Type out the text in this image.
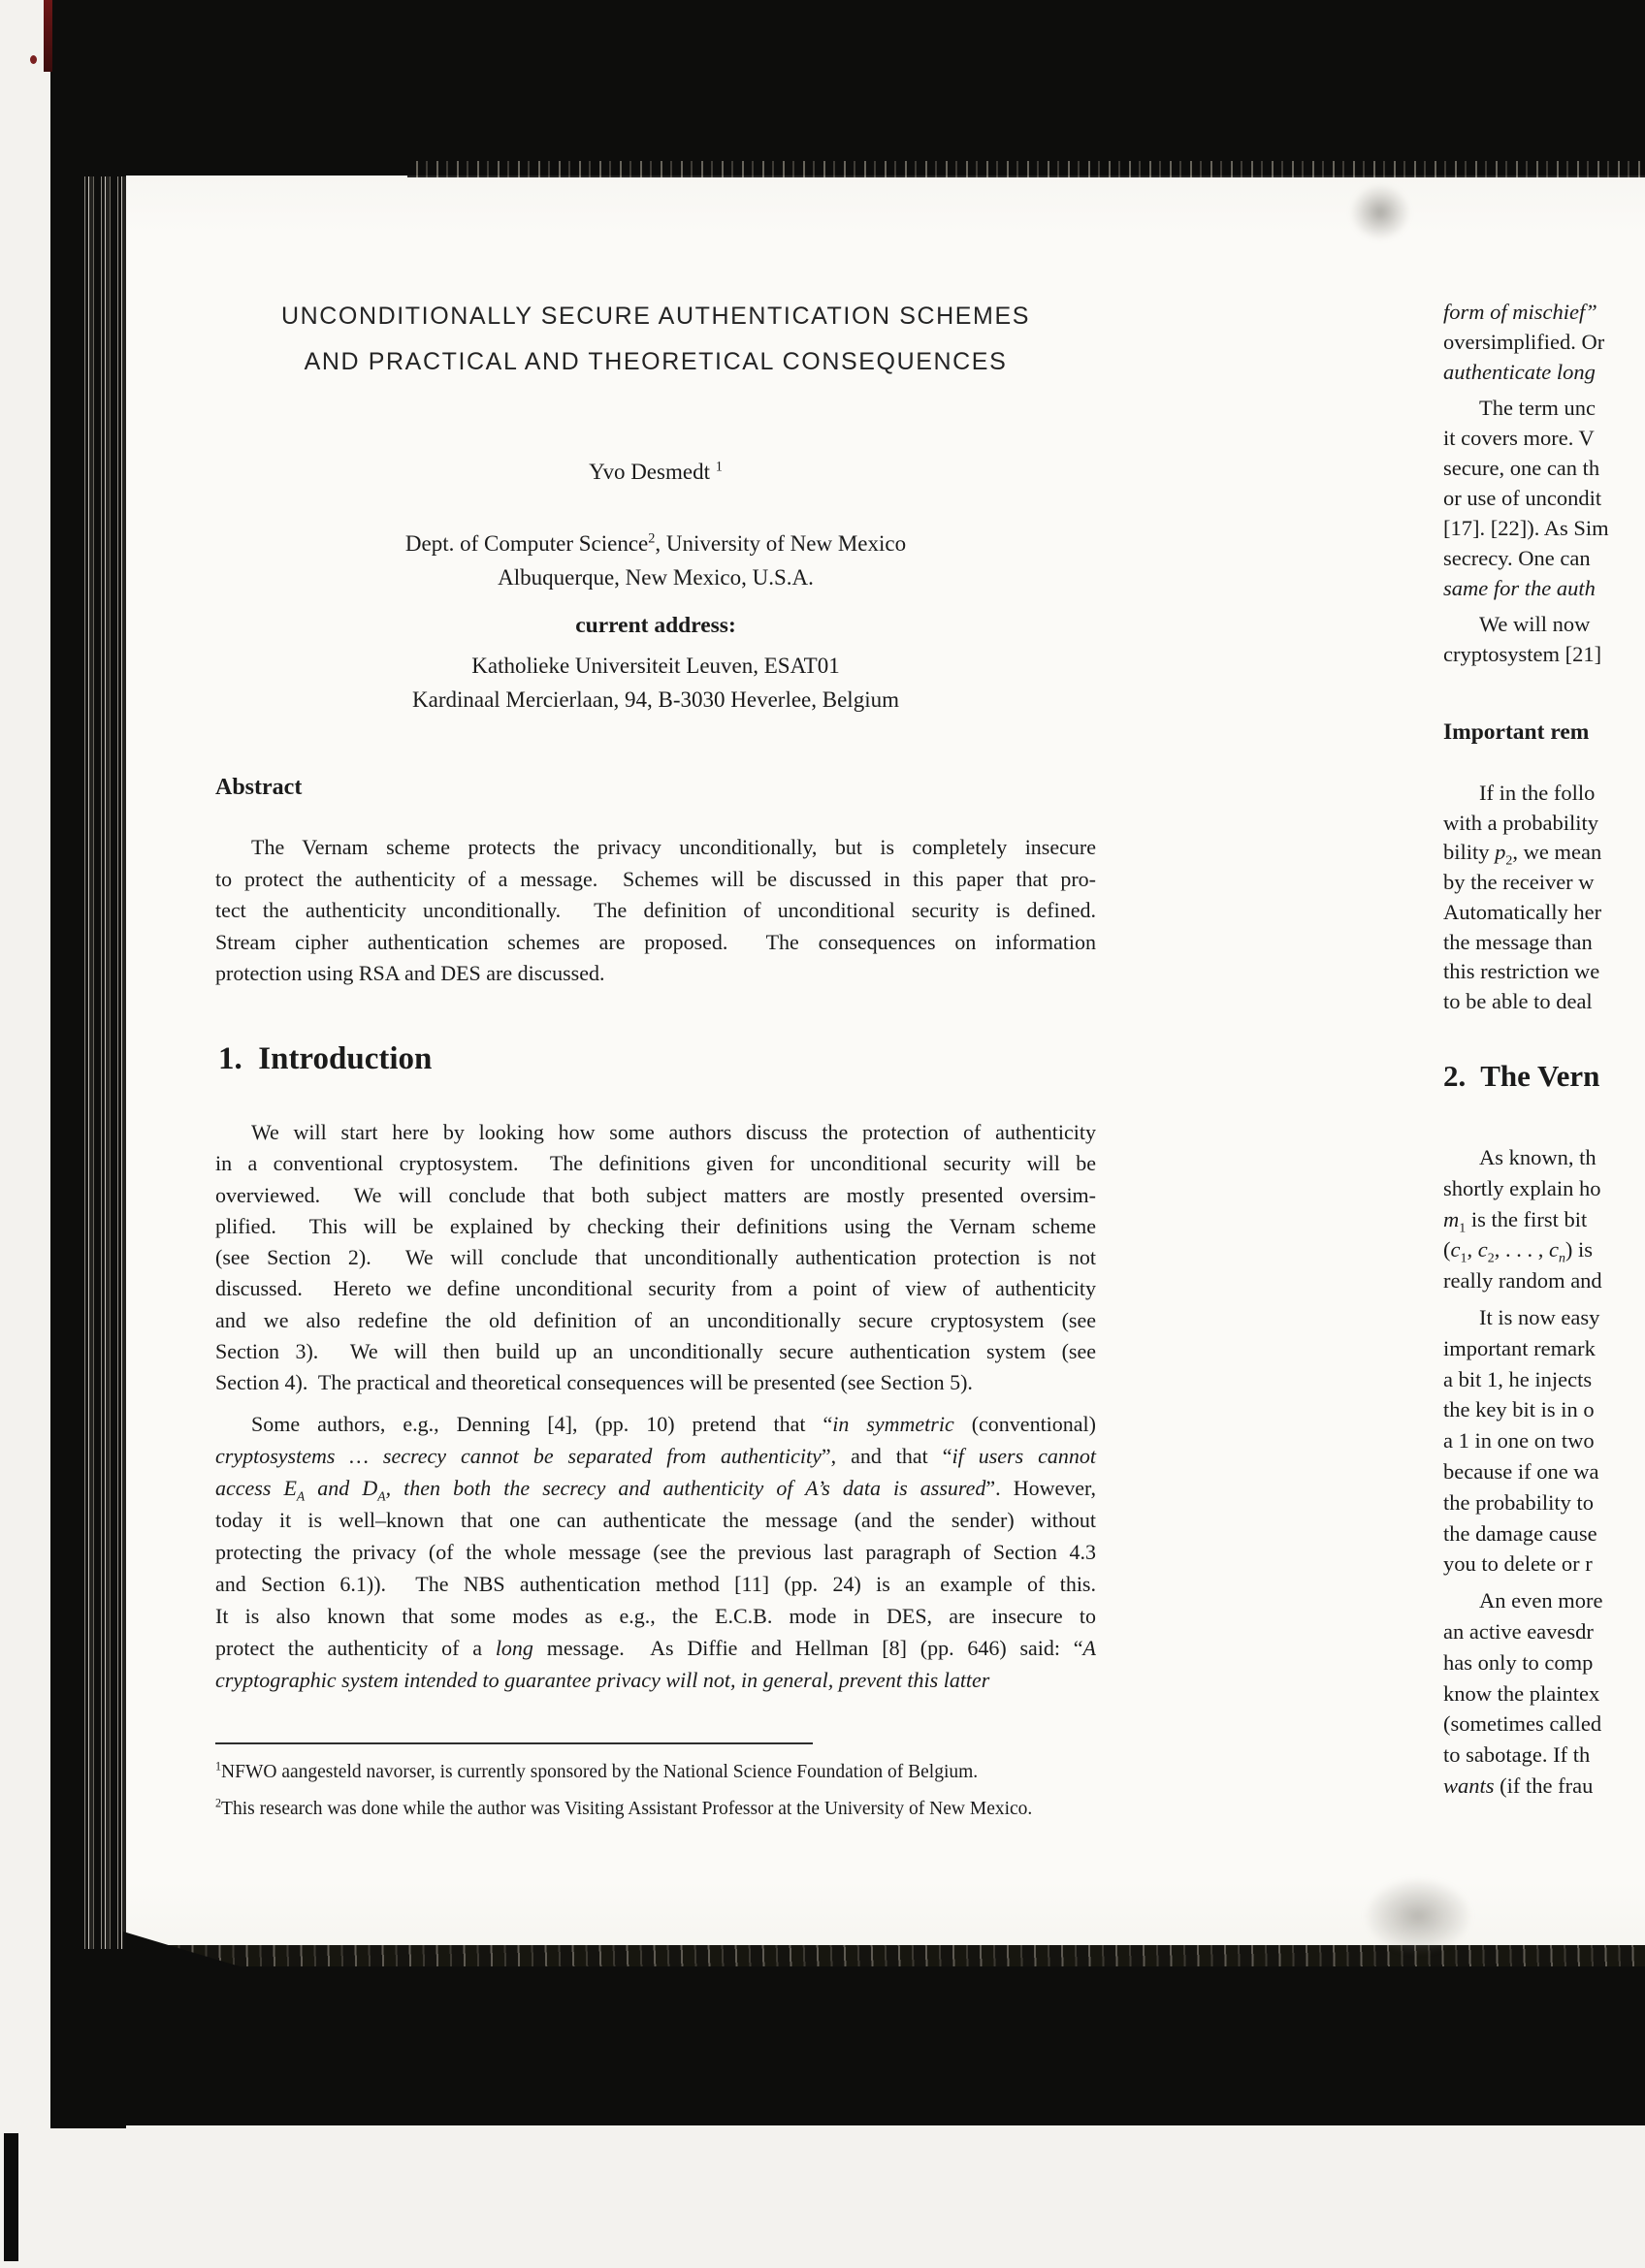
UNCONDITIONALLY SECURE AUTHENTICATION SCHEMES
AND PRACTICAL AND THEORETICAL CONSEQUENCES
Yvo Desmedt $^1$
Dept. of Computer Science$^2$, University of New Mexico
Albuquerque, New Mexico, U.S.A.
current address:
Katholieke Universiteit Leuven, ESAT01
Kardinaal Mercierlaan, 94, B-3030 Heverlee, Belgium
Abstract
The Vernam scheme protects the privacy unconditionally, but is completely insecure
to protect the authenticity of a message.  Schemes will be discussed in this paper that pro-
tect the authenticity unconditionally.  The definition of unconditional security is defined.
Stream cipher authentication schemes are proposed.  The consequences on information
protection using RSA and DES are discussed.
1.  Introduction
We will start here by looking how some authors discuss the protection of authenticity
in a conventional cryptosystem.  The definitions given for unconditional security will be
overviewed.  We will conclude that both subject matters are mostly presented oversim-
plified.  This will be explained by checking their definitions using the Vernam scheme
(see Section 2).  We will conclude that unconditionally authentication protection is not
discussed.  Hereto we define unconditional security from a point of view of authenticity
and we also redefine the old definition of an unconditionally secure cryptosystem (see
Section 3).  We will then build up an unconditionally secure authentication system (see
Section 4).  The practical and theoretical consequences will be presented (see Section 5).
Some authors, e.g., Denning [4], (pp. 10) pretend that “in symmetric (conventional)
cryptosystems … secrecy cannot be separated from authenticity”, and that “if users cannot
access $E_A$ and $D_A$, then both the secrecy and authenticity of A’s data is assured”. However,
today it is well–known that one can authenticate the message (and the sender) without
protecting the privacy (of the whole message (see the previous last paragraph of Section 4.3
and Section 6.1)).  The NBS authentication method [11] (pp. 24) is an example of this.
It is also known that some modes as e.g., the E.C.B. mode in DES, are insecure to
protect the authenticity of a long message.  As Diffie and Hellman [8] (pp. 646) said: “A
cryptographic system intended to guarantee privacy will not, in general, prevent this latter
$^1$NFWO aangesteld navorser, is currently sponsored by the National Science Foundation of Belgium.
$^2$This research was done while the author was Visiting Assistant Professor at the University of New Mexico.
form of mischief”
oversimplified. Or
authenticate long
The term unc
it covers more. V
secure, one can th
or use of uncondit
[17]. [22]). As Sim
secrecy. One can
same for the auth
We will now
cryptosystem [21]
Important rem
If in the follo
with a probability
bility $p_2$, we mean
by the receiver w
Automatically her
the message than
this restriction we
to be able to deal
2.  The Vern
As known, th
shortly explain ho
$m_1$ is the first bit
($c_1$, $c_2$, . . . , $c_n$) is
really random and
It is now easy
important remark
a bit 1, he injects
the key bit is in o
a 1 in one on two
because if one wa
the probability to
the damage cause
you to delete or r
An even more
an active eavesdr
has only to comp
know the plaintex
(sometimes called
to sabotage. If th
wants (if the frau
